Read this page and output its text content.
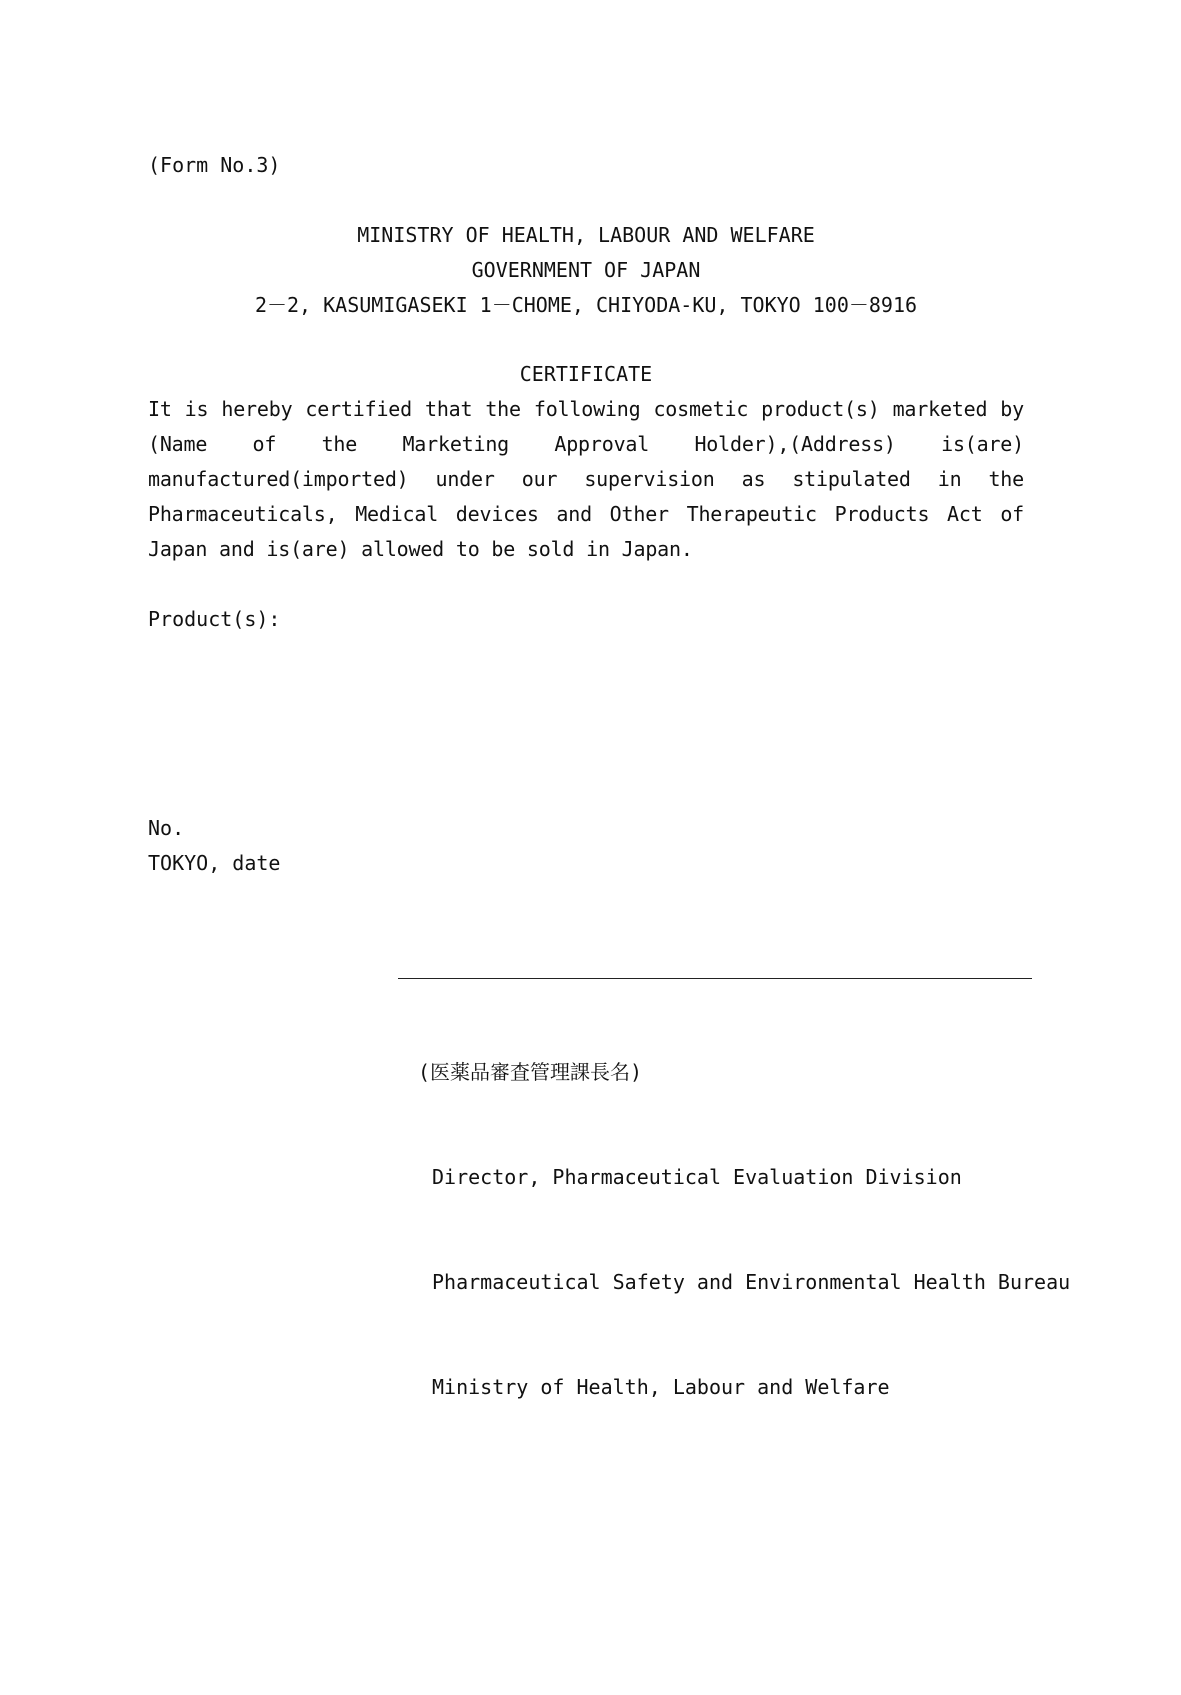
(Form No.3)
MINISTRY OF HEALTH, LABOUR AND WELFARE
GOVERNMENT OF JAPAN
2－2, KASUMIGASEKI 1－CHOME, CHIYODA-KU, TOKYO 100－8916
CERTIFICATE
It is hereby certified that the following cosmetic product(s) marketed by (Name of the Marketing Approval Holder),(Address) is(are) manufactured(imported) under our supervision as stipulated in the Pharmaceuticals, Medical devices and Other Therapeutic Products Act of Japan and is(are) allowed to be sold in Japan.
Product(s):
No.
TOKYO, date

(医薬品審査管理課長名)

Director, Pharmaceutical Evaluation Division

Pharmaceutical Safety and Environmental Health Bureau

Ministry of Health, Labour and Welfare
